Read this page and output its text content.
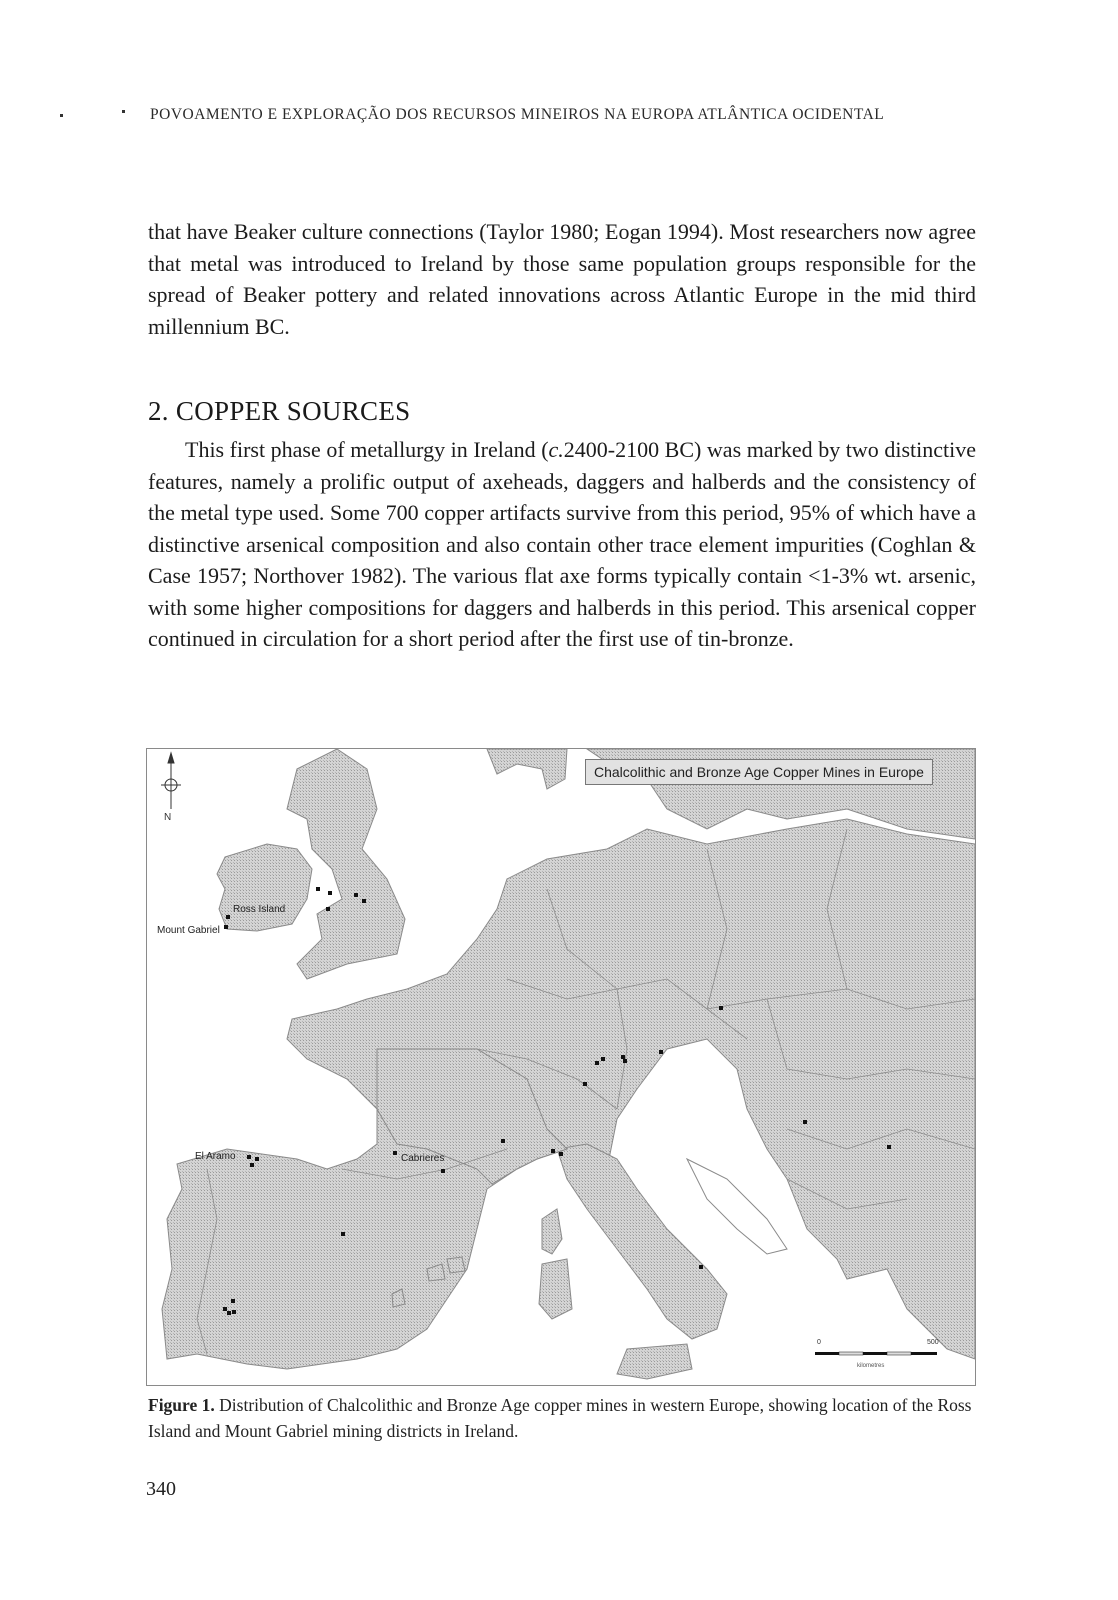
POVOAMENTO E EXPLORAÇÃO DOS RECURSOS MINEIROS NA EUROPA ATLÂNTICA OCIDENTAL

that have Beaker culture connections (Taylor 1980; Eogan 1994). Most researchers now agree that metal was introduced to Ireland by those same population groups responsible for the spread of Beaker pottery and related innovations across Atlantic Europe in the mid third millennium BC.

2. COPPER SOURCES

This first phase of metallurgy in Ireland (c.2400-2100 BC) was marked by two distinctive features, namely a prolific output of axeheads, daggers and halberds and the consistency of the metal type used. Some 700 copper artifacts survive from this period, 95% of which have a distinctive arsenical composition and also contain other trace element impurities (Coghlan & Case 1957; Northover 1982). The various flat axe forms typically contain <1-3% wt. arsenic, with some higher compositions for daggers and halberds in this period. This arsenical copper continued in circulation for a short period after the first use of tin-bronze.

Chalcolithic and Bronze Age Copper Mines in Europe
N
Ross Island
Mount Gabriel
El Aramo	Cabrieres
0	500
kilometres
Figure 1. Distribution of Chalcolithic and Bronze Age copper mines in western Europe, showing location of the Ross Island and Mount Gabriel mining districts in Ireland.
340
